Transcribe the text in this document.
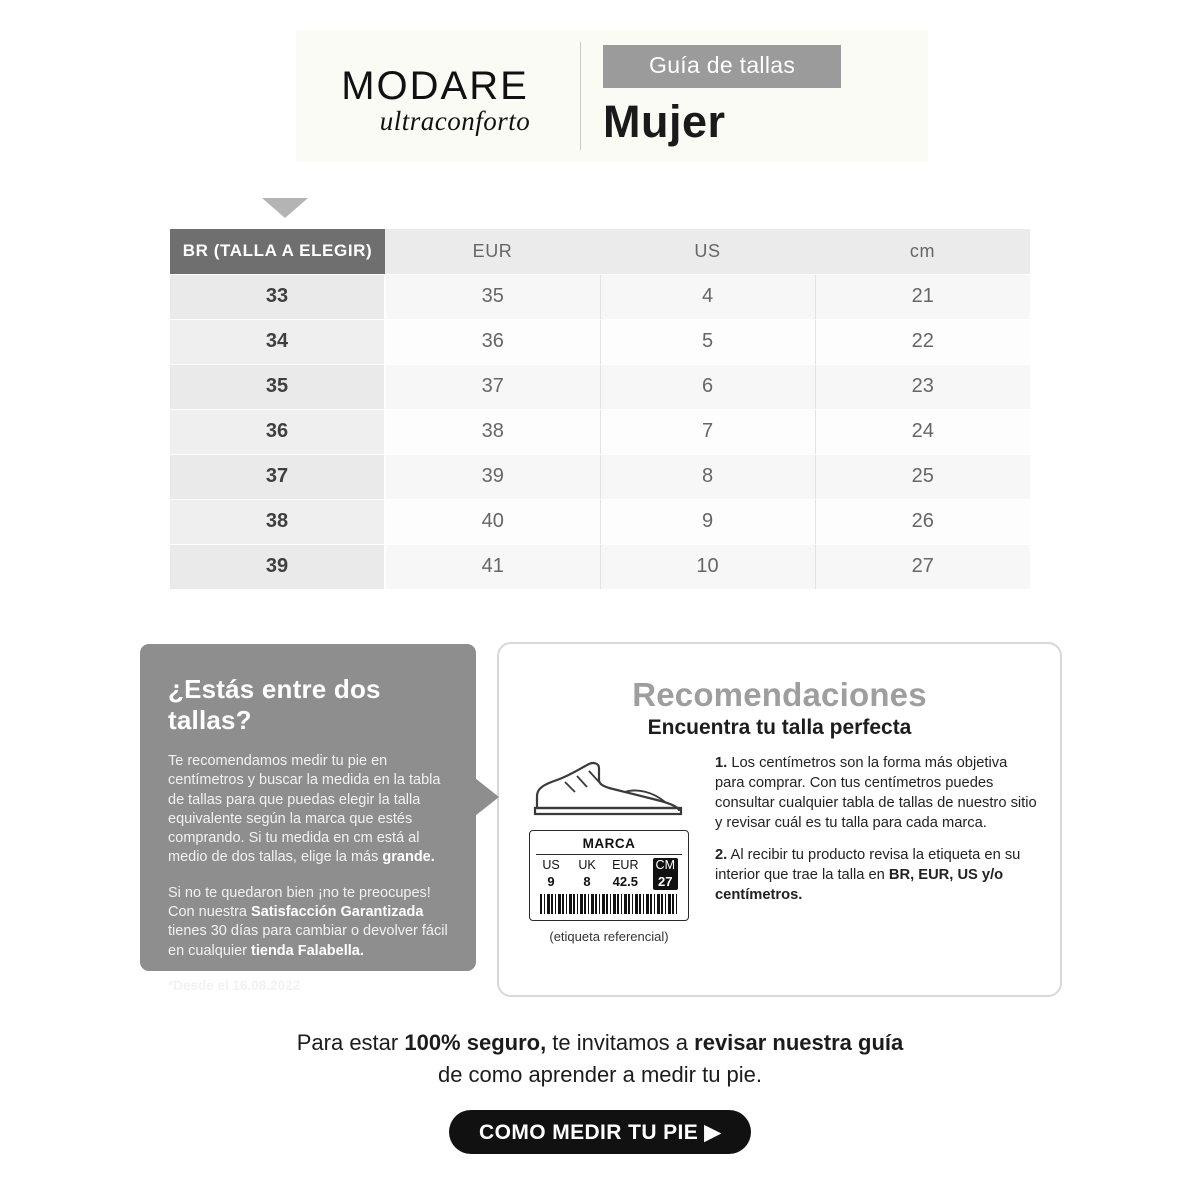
MODARE
ultraconforto
Guía de tallas
Mujer
BR (TALLA A ELEGIR)	EUR	US	cm
33	35	4	21
34	36	5	22
35	37	6	23
36	38	7	24
37	39	8	25
38	40	9	26
39	41	10	27
¿Estás entre dos tallas?

Te recomendamos medir tu pie en centímetros y buscar la medida en la tabla de tallas para que puedas elegir la talla equivalente según la marca que estés comprando. Si tu medida en cm está al medio de dos tallas, elige la más grande.

Si no te quedaron bien ¡no te preocupes! Con nuestra Satisfacción Garantizada tienes 30 días para cambiar o devolver fácil en cualquier tienda Falabella.

*Desde el 16.08.2022

Recomendaciones
Encuentra tu talla perfecta
MARCA
US
9
UK
8
EUR
42.5
CM
27
(etiqueta referencial)

1. Los centímetros son la forma más objetiva para comprar. Con tus centímetros puedes consultar cualquier tabla de tallas de nuestro sitio y revisar cuál es tu talla para cada marca.

2. Al recibir tu producto revisa la etiqueta en su interior que trae la talla en BR, EUR, US y/o centímetros.

Para estar 100% seguro, te invitamos a revisar nuestra guía
de como aprender a medir tu pie.
COMO MEDIR TU PIE ▶
